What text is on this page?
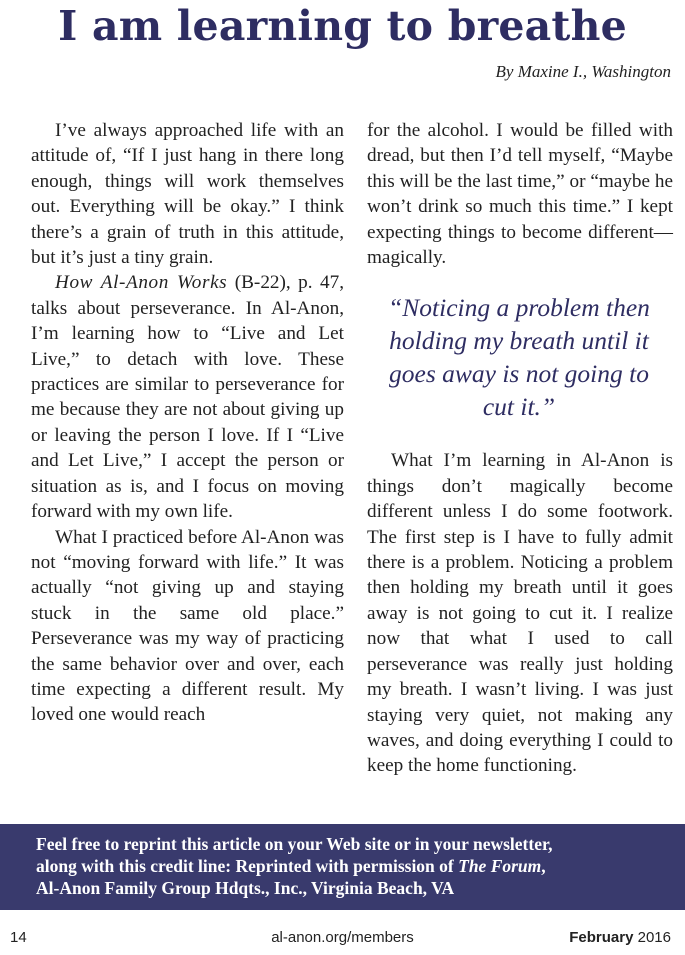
I am learning to breathe
By Maxine I., Washington

I’ve always approached life with an attitude of, “If I just hang in there long enough, things will work themselves out. Everything will be okay.” I think there’s a grain of truth in this attitude, but it’s just a tiny grain.

How Al-Anon Works (B-22), p. 47, talks about perseverance. In Al-Anon, I’m learning how to “Live and Let Live,” to detach with love. These practices are similar to perseverance for me because they are not about giving up or leaving the person I love. If I “Live and Let Live,” I accept the person or situation as is, and I focus on moving forward with my own life.

What I practiced before Al-Anon was not “moving forward with life.” It was actually “not giving up and staying stuck in the same old place.” Perseverance was my way of practicing the same behavior over and over, each time expecting a different result. My loved one would reach

for the alcohol. I would be filled with dread, but then I’d tell myself, “Maybe this will be the last time,” or “maybe he won’t drink so much this time.” I kept expecting things to become different—magically.

“Noticing a problem then holding my breath until it goes away is not going to cut it.”

What I’m learning in Al-Anon is things don’t magically become different unless I do some footwork. The first step is I have to fully admit there is a problem. Noticing a problem then holding my breath until it goes away is not going to cut it. I realize now that what I used to call perseverance was really just holding my breath. I wasn’t living. I was just staying very quiet, not making any waves, and doing everything I could to keep the home functioning.

Feel free to reprint this article on your Web site or in your newsletter,
along with this credit line: Reprinted with permission of The Forum,
Al-Anon Family Group Hdqts., Inc., Virginia Beach, VA
14	al-anon.org/members	February 2016
